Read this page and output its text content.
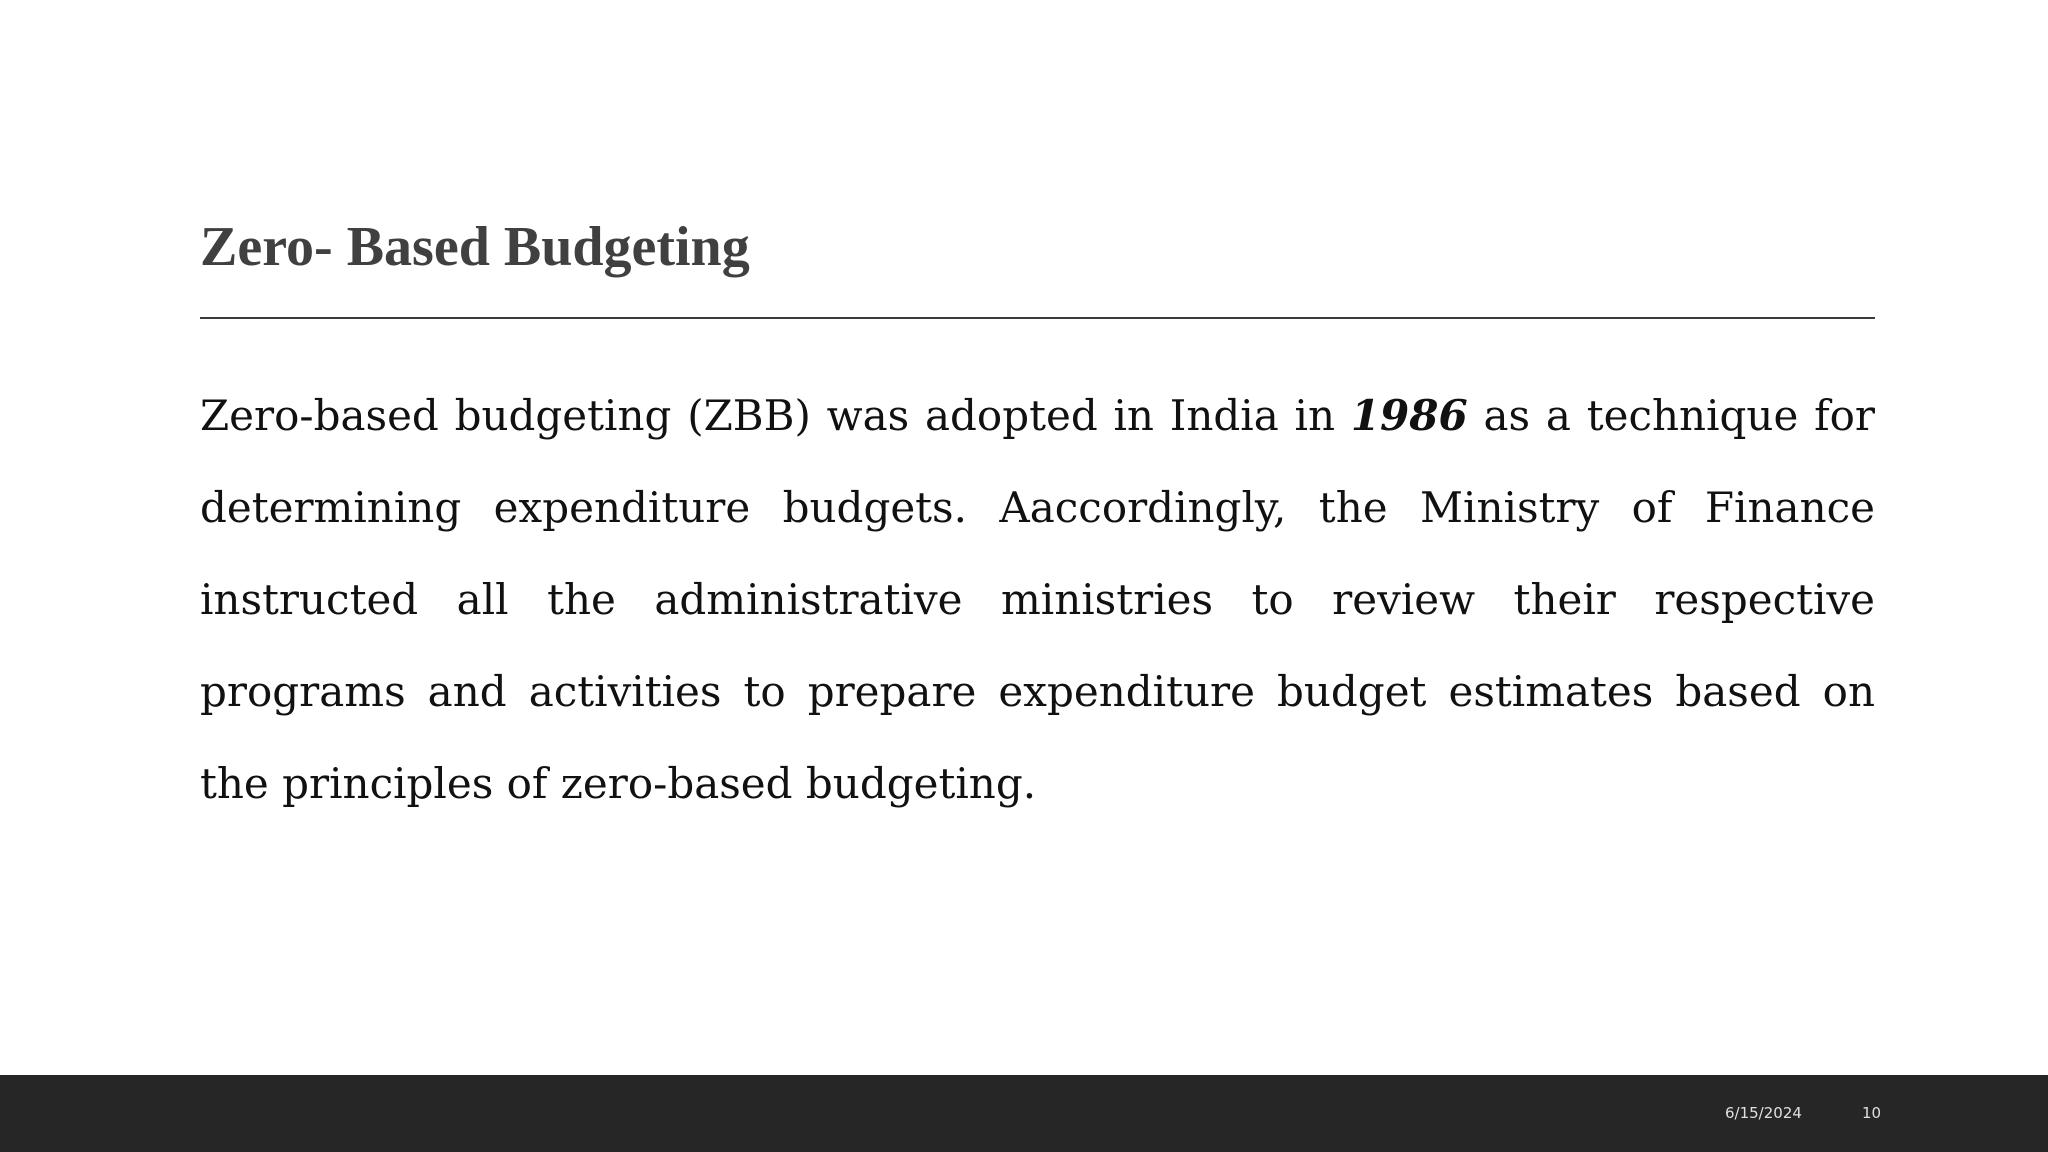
Zero- Based Budgeting

Zero-based budgeting (ZBB) was adopted in India in 1986 as a technique for determining expenditure budgets. Aaccordingly, the Ministry of Finance instructed all the administrative ministries to review their respective programs and activities to prepare expenditure budget estimates based on the principles of zero-based budgeting.

6/15/2024	10
